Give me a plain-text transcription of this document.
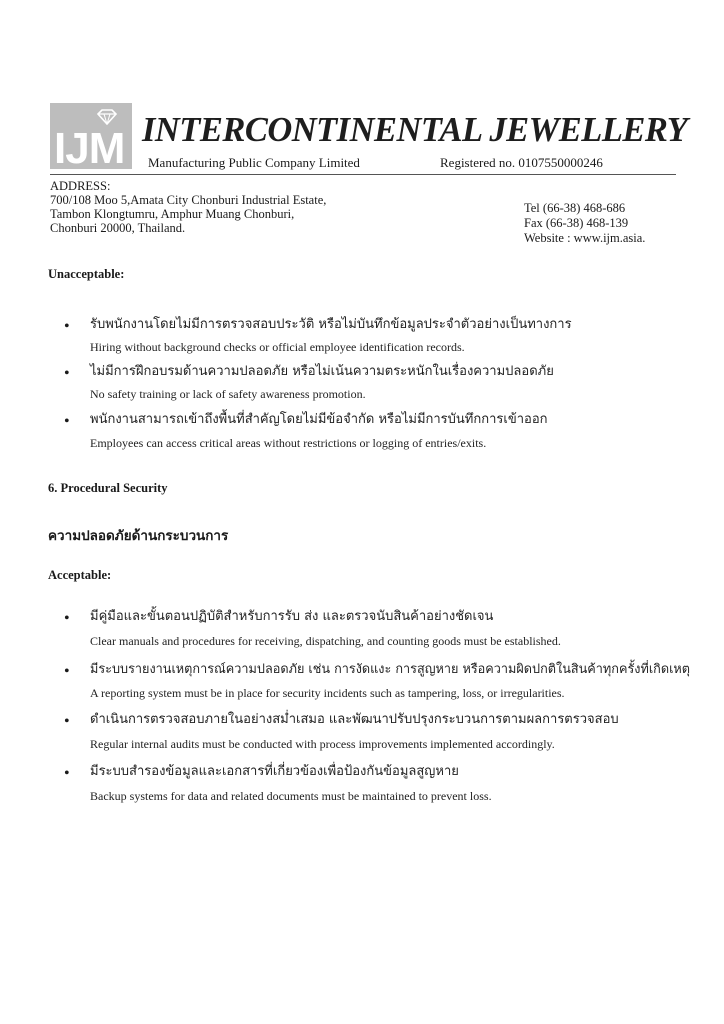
IJM INTERCONTINENTAL JEWELLERY
Manufacturing Public Company Limited	Registered no. 0107550000246
ADDRESS:
700/108 Moo 5,Amata City Chonburi Industrial Estate,
Tambon Klongtumru, Amphur Muang Chonburi,
Chonburi 20000, Thailand.
Tel (66-38) 468-686
Fax (66-38) 468-139
Website : www.ijm.asia.
Unacceptable:
• รับพนักงานโดยไม่มีการตรวจสอบประวัติ หรือไม่บันทึกข้อมูลประจำตัวอย่างเป็นทางการ
Hiring without background checks or official employee identification records.
• ไม่มีการฝึกอบรมด้านความปลอดภัย หรือไม่เน้นความตระหนักในเรื่องความปลอดภัย
No safety training or lack of safety awareness promotion.
• พนักงานสามารถเข้าถึงพื้นที่สำคัญโดยไม่มีข้อจำกัด หรือไม่มีการบันทึกการเข้าออก
Employees can access critical areas without restrictions or logging of entries/exits.
6. Procedural Security
ความปลอดภัยด้านกระบวนการ
Acceptable:
• มีคู่มือและขั้นตอนปฏิบัติสำหรับการรับ ส่ง และตรวจนับสินค้าอย่างชัดเจน
Clear manuals and procedures for receiving, dispatching, and counting goods must be established.
• มีระบบรายงานเหตุการณ์ความปลอดภัย เช่น การงัดแงะ การสูญหาย หรือความผิดปกติในสินค้าทุกครั้งที่เกิดเหตุ
A reporting system must be in place for security incidents such as tampering, loss, or irregularities.
• ดำเนินการตรวจสอบภายในอย่างสม่ำเสมอ และพัฒนาปรับปรุงกระบวนการตามผลการตรวจสอบ
Regular internal audits must be conducted with process improvements implemented accordingly.
• มีระบบสำรองข้อมูลและเอกสารที่เกี่ยวข้องเพื่อป้องกันข้อมูลสูญหาย
Backup systems for data and related documents must be maintained to prevent loss.
